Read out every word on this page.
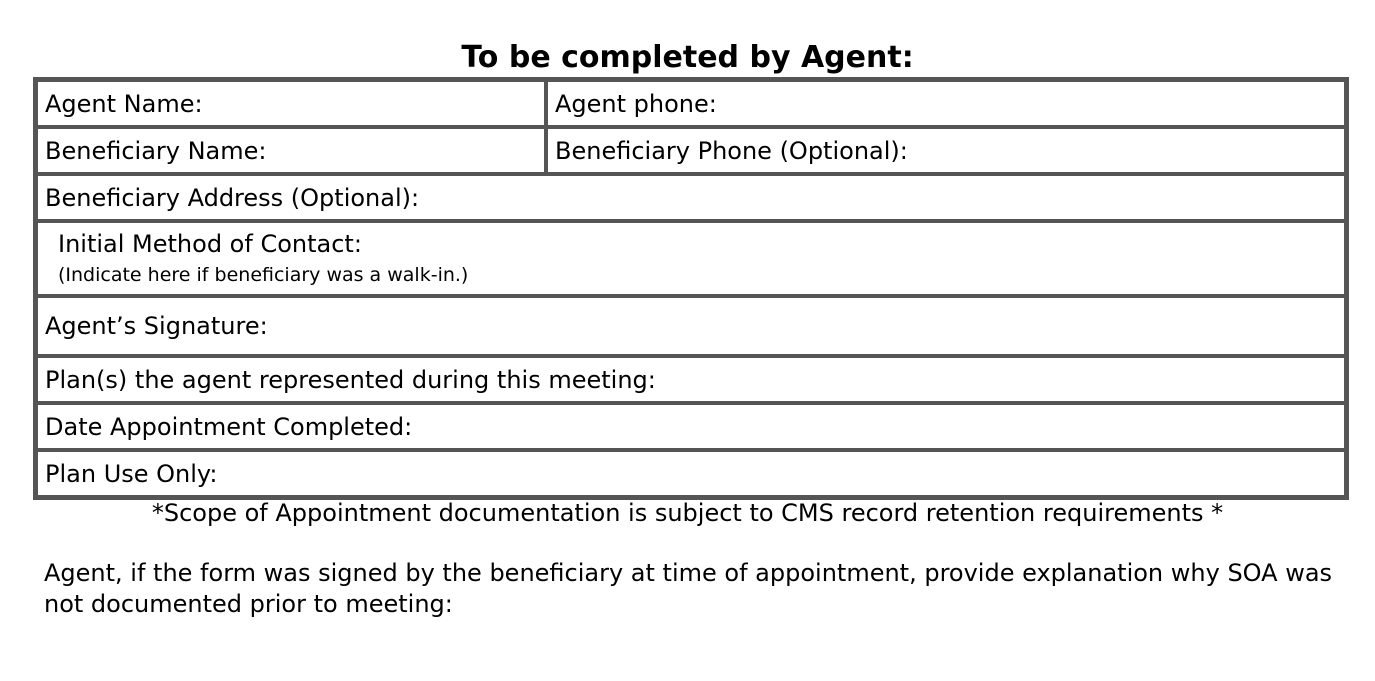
To be completed by Agent:
Agent Name:	Agent phone:
Beneficiary Name:	Beneficiary Phone (Optional):
Beneficiary Address (Optional):	

Initial Method of Contact:
(Indicate here if beneficiary was a walk-in.)	

Agent’s Signature:	
Plan(s) the agent represented during this meeting:	
Date Appointment Completed:	
Plan Use Only:	
*Scope of Appointment documentation is subject to CMS record retention requirements *
Agent, if the form was signed by the beneficiary at time of appointment, provide explanation why SOA was not documented prior to meeting:
